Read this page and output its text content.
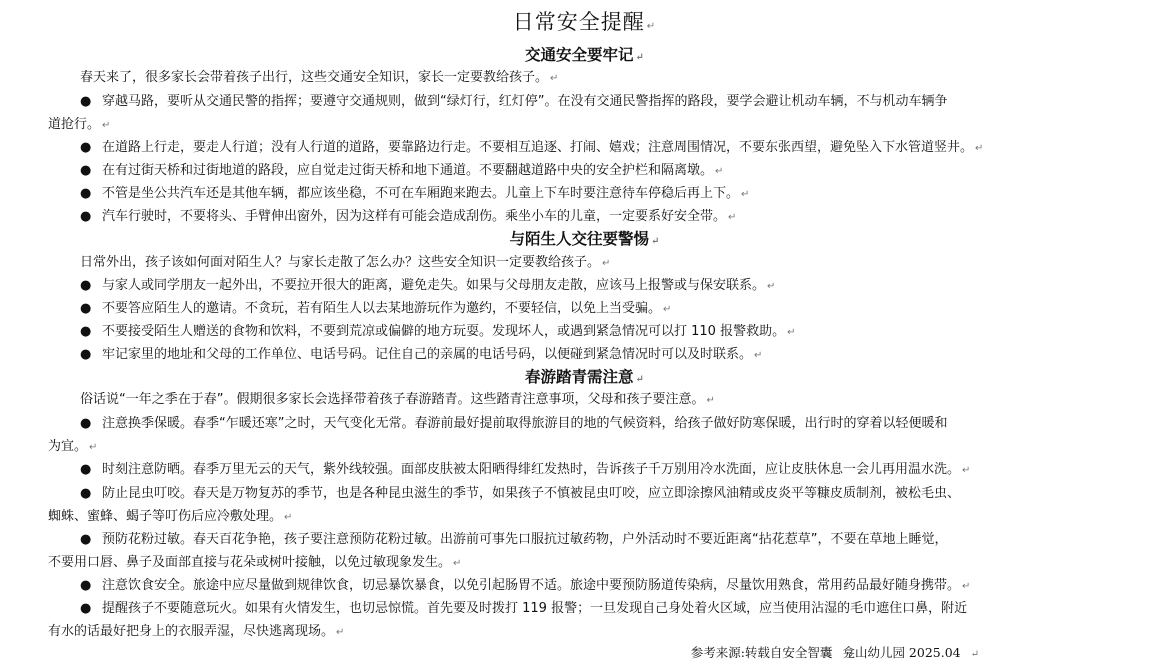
日常安全提醒 ↵
交通安全要牢记 ↵
春天来了，很多家长会带着孩子出行，这些交通安全知识，家长一定要教给孩子。 ↵
● 穿越马路，要听从交通民警的指挥；要遵守交通规则，做到“绿灯行，红灯停”。在没有交通民警指挥的路段，要学会避让机动车辆，不与机动车辆争
道抢行。 ↵
● 在道路上行走，要走人行道；没有人行道的道路，要靠路边行走。不要相互追逐、打闹、嬉戏；注意周围情况，不要东张西望，避免坠入下水管道竖井。 ↵
● 在有过街天桥和过街地道的路段，应自觉走过街天桥和地下通道。不要翻越道路中央的安全护栏和隔离墩。 ↵
● 不管是坐公共汽车还是其他车辆，都应该坐稳，不可在车厢跑来跑去。儿童上下车时要注意待车停稳后再上下。 ↵
● 汽车行驶时，不要将头、手臂伸出窗外，因为这样有可能会造成刮伤。乘坐小车的儿童，一定要系好安全带。 ↵
与陌生人交往要警惕 ↵
日常外出，孩子该如何面对陌生人？与家长走散了怎么办？这些安全知识一定要教给孩子。 ↵
● 与家人或同学朋友一起外出，不要拉开很大的距离，避免走失。如果与父母朋友走散，应该马上报警或与保安联系。 ↵
● 不要答应陌生人的邀请。不贪玩，若有陌生人以去某地游玩作为邀约，不要轻信，以免上当受骗。 ↵
● 不要接受陌生人赠送的食物和饮料，不要到荒凉或偏僻的地方玩耍。发现坏人，或遇到紧急情况可以打 110 报警救助。 ↵
● 牢记家里的地址和父母的工作单位、电话号码。记住自己的亲属的电话号码，以便碰到紧急情况时可以及时联系。 ↵
春游踏青需注意 ↵
俗话说“一年之季在于春”。假期很多家长会选择带着孩子春游踏青。这些踏青注意事项，父母和孩子要注意。 ↵
● 注意换季保暖。春季“乍暖还寒”之时，天气变化无常。春游前最好提前取得旅游目的地的气候资料，给孩子做好防寒保暖，出行时的穿着以轻便暖和
为宜。 ↵
● 时刻注意防晒。春季万里无云的天气，紫外线较强。面部皮肤被太阳晒得绯红发热时，告诉孩子千万别用冷水洗面，应让皮肤休息一会儿再用温水洗。 ↵
● 防止昆虫叮咬。春天是万物复苏的季节，也是各种昆虫滋生的季节，如果孩子不慎被昆虫叮咬，应立即涂擦风油精或皮炎平等糠皮质制剂，被松毛虫、
蜘蛛、蜜蜂、蝎子等叮伤后应冷敷处理。 ↵
● 预防花粉过敏。春天百花争艳，孩子要注意预防花粉过敏。出游前可事先口服抗过敏药物，户外活动时不要近距离“拈花惹草”，不要在草地上睡觉，
不要用口唇、鼻子及面部直接与花朵或树叶接触，以免过敏现象发生。 ↵
● 注意饮食安全。旅途中应尽量做到规律饮食，切忌暴饮暴食，以免引起肠胃不适。旅途中要预防肠道传染病，尽量饮用熟食，常用药品最好随身携带。 ↵
● 提醒孩子不要随意玩火。如果有火情发生，也切忌惊慌。首先要及时拨打 119 报警；一旦发现自己身处着火区域，应当使用沾湿的毛巾遮住口鼻，附近
有水的话最好把身上的衣服弄湿，尽快逃离现场。 ↵
参考来源:转载自安全智囊 龛山幼儿园 2025.04 ↵
